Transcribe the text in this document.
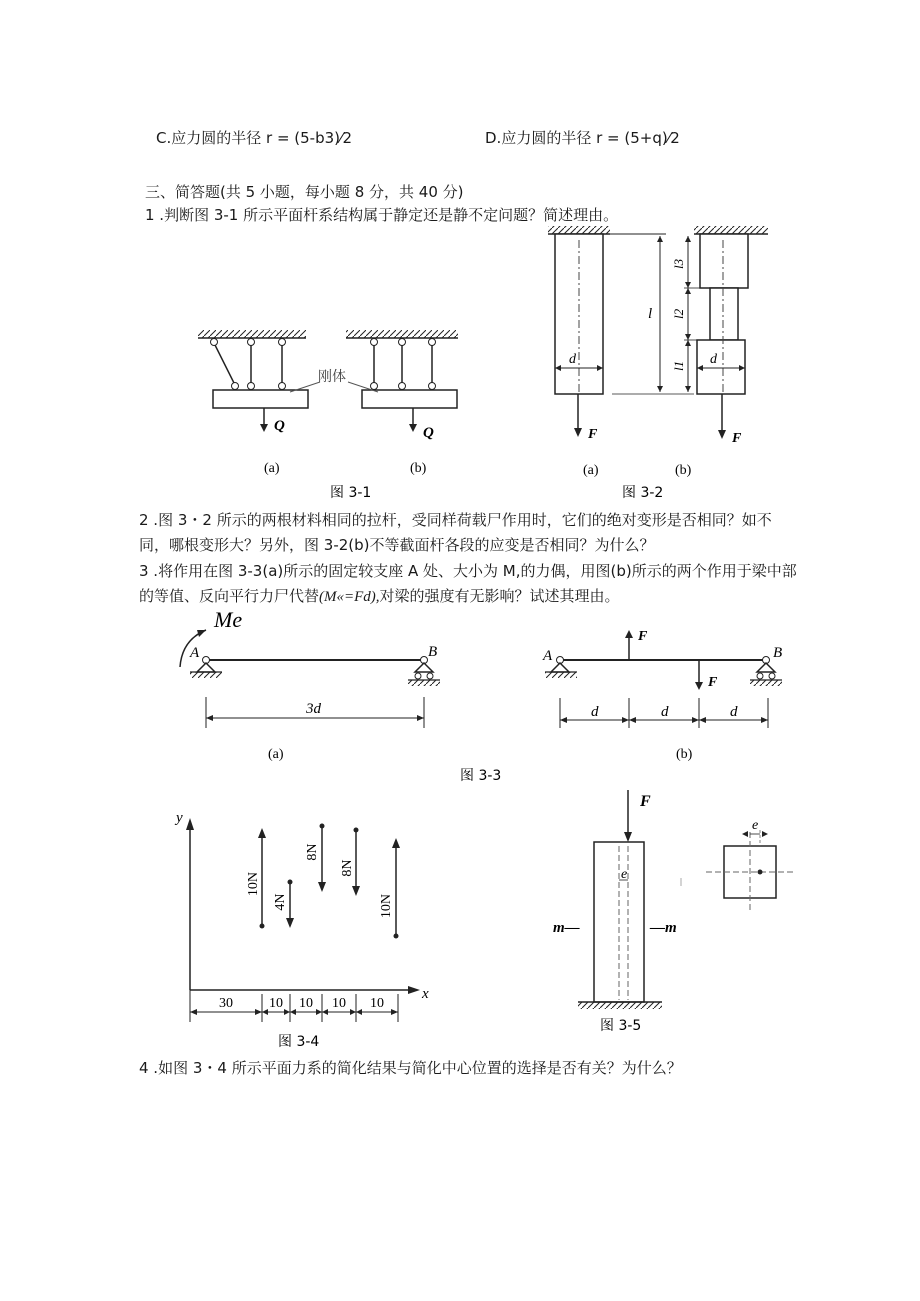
C.应力圆的半径 r = (5-b3)⁄2	D.应力圆的半径 r = (5+q)⁄2
三、简答题(共 5 小题，每小题 8 分，共 40 分)
1 .判断图 3-1 所示平面杆系结构属于静定还是静不定问题？简述理由。
2 .图 3・2 所示的两根材料相同的拉杆，受同样荷载尸作用时，它们的绝对变形是否相同？如不
同，哪根变形大？另外，图 3-2(b)不等截面杆各段的应变是否相同？为什么？
3 .将作用在图 3-3(a)所示的固定较支座 A 处、大小为 M,的力偶，用图(b)所示的两个作用于梁中部
的等值、反向平行力尸代替(M«=Fd),对梁的强度有无影响？试述其理由。
4 .如图 3・4 所示平面力系的简化结果与简化中心位置的选择是否有关？为什么？
Q	Q
刚体
(a)	(b)
图 3-1
d
F
l
l3
l2
l1 d
F
(a)	(b)
图 3-2
Me
A	B
3d
(a)
A	B
F
F
d	d	d
(b)
图 3-3
y
x
10N
4N
8N
8N
10N
30	10 10 10 10
图 3-4
F
e
m—	—m
e
图 3-5
